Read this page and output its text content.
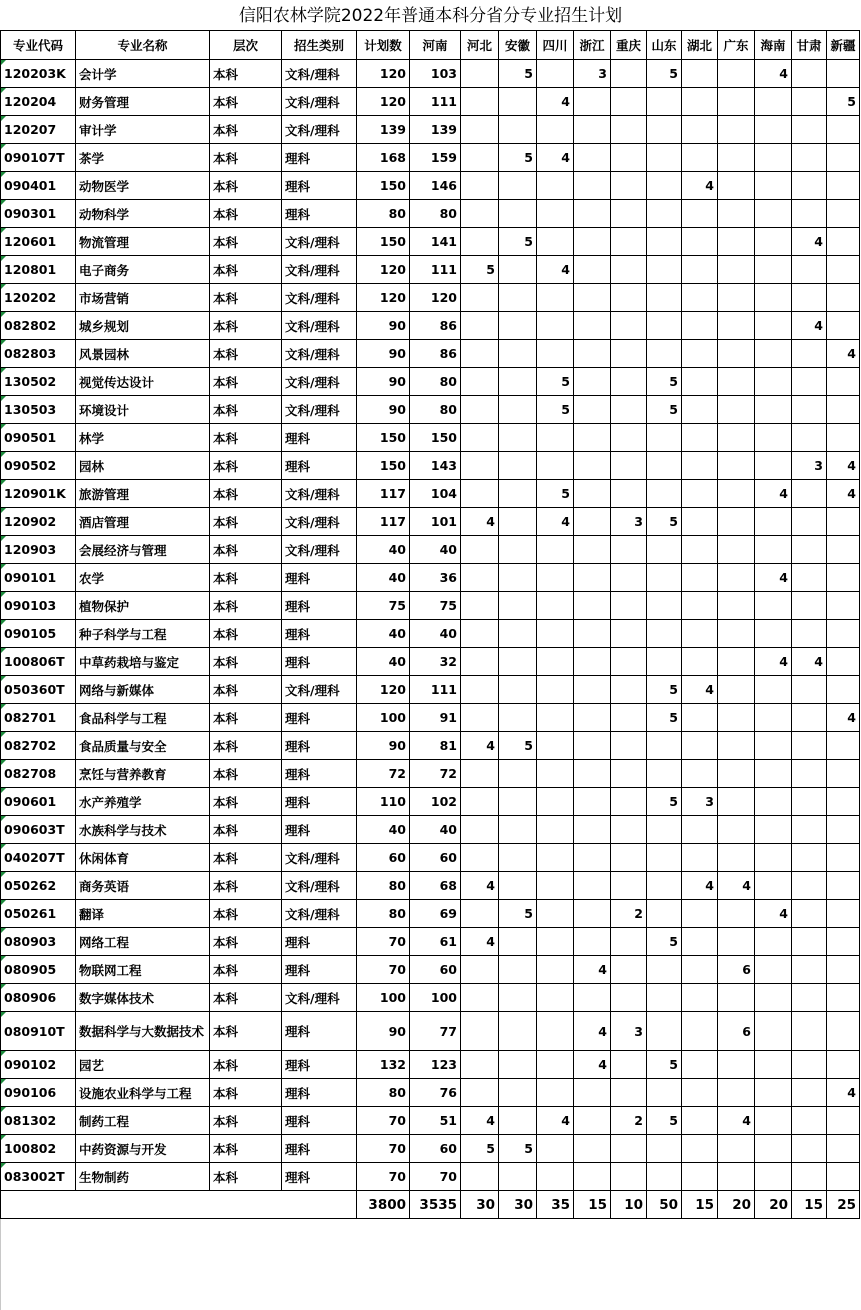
信阳农林学院2022年普通本科分省分专业招生计划
专业代码	专业名称	层次	招生类别	计划数	河南	河北	安徽	四川	浙江	重庆	山东	湖北	广东	海南	甘肃	新疆
120203K	会计学	本科	文科/理科	120	103		5		3		5			4		
120204	财务管理	本科	文科/理科	120	111			4								5
120207	审计学	本科	文科/理科	139	139											
090107T	茶学	本科	理科	168	159		5	4								
090401	动物医学	本科	理科	150	146							4				
090301	动物科学	本科	理科	80	80											
120601	物流管理	本科	文科/理科	150	141		5								4	
120801	电子商务	本科	文科/理科	120	111	5		4								
120202	市场营销	本科	文科/理科	120	120											
082802	城乡规划	本科	文科/理科	90	86										4	
082803	风景园林	本科	文科/理科	90	86											4
130502	视觉传达设计	本科	文科/理科	90	80			5			5					
130503	环境设计	本科	文科/理科	90	80			5			5					
090501	林学	本科	理科	150	150											
090502	园林	本科	理科	150	143										3	4
120901K	旅游管理	本科	文科/理科	117	104			5						4		4
120902	酒店管理	本科	文科/理科	117	101	4		4		3	5					
120903	会展经济与管理	本科	文科/理科	40	40											
090101	农学	本科	理科	40	36									4		
090103	植物保护	本科	理科	75	75											
090105	种子科学与工程	本科	理科	40	40											
100806T	中草药栽培与鉴定	本科	理科	40	32									4	4	
050360T	网络与新媒体	本科	文科/理科	120	111						5	4				
082701	食品科学与工程	本科	理科	100	91						5					4
082702	食品质量与安全	本科	理科	90	81	4	5									
082708	烹饪与营养教育	本科	理科	72	72											
090601	水产养殖学	本科	理科	110	102						5	3				
090603T	水族科学与技术	本科	理科	40	40											
040207T	休闲体育	本科	文科/理科	60	60											
050262	商务英语	本科	文科/理科	80	68	4						4	4			
050261	翻译	本科	文科/理科	80	69		5			2				4		
080903	网络工程	本科	理科	70	61	4					5					
080905	物联网工程	本科	理科	70	60				4				6			
080906	数字媒体技术	本科	文科/理科	100	100											
080910T	数据科学与大数据技术	本科	理科	90	77				4	3			6			
090102	园艺	本科	理科	132	123				4		5					
090106	设施农业科学与工程	本科	理科	80	76											4
081302	制药工程	本科	理科	70	51	4		4		2	5		4			
100802	中药资源与开发	本科	理科	70	60	5	5									
083002T	生物制药	本科	理科	70	70											
				3800	3535	30	30	35	15	10	50	15	20	20	15	25
